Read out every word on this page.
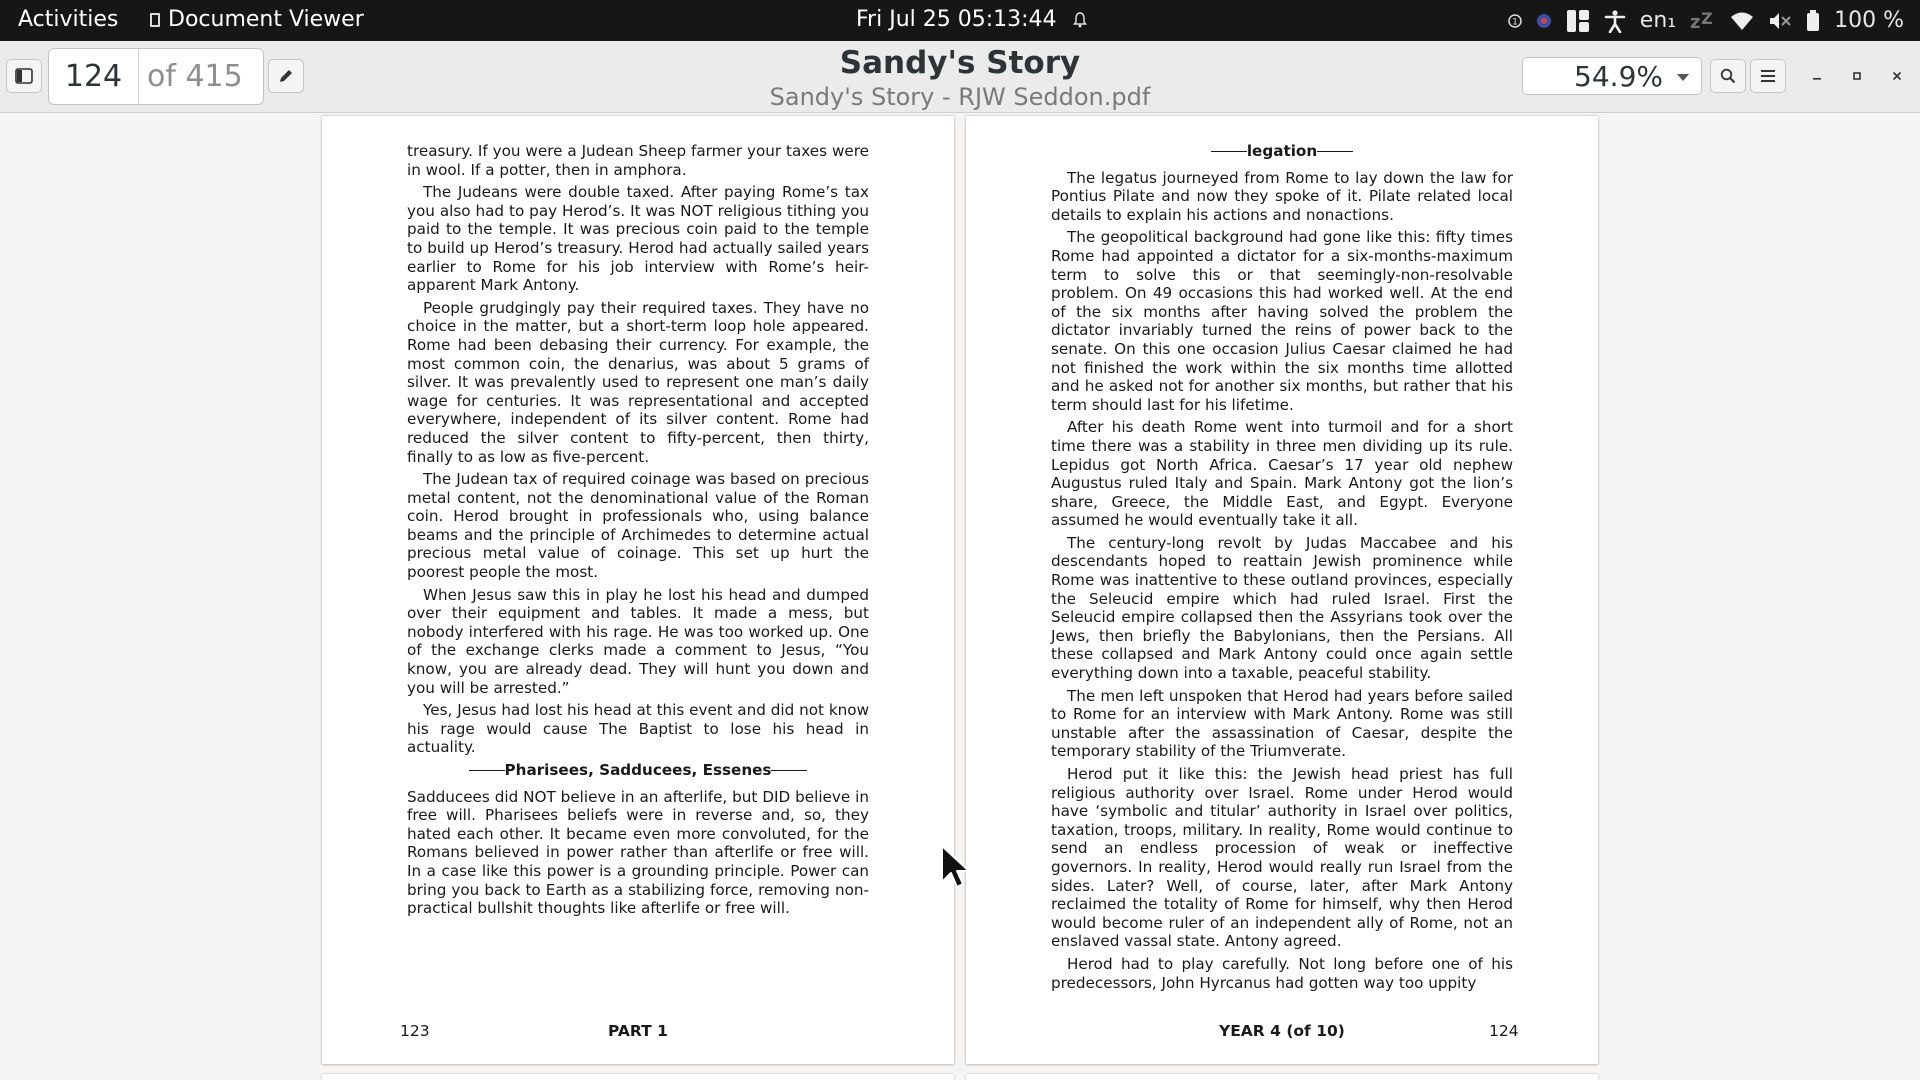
Activities Document Viewer	Fri Jul 25 05:13:44	1	en₁ z Z	100 %
124 of 415	Sandy's Story
Sandy's Story - RJW Seddon.pdf
54.9%

treasury. If you were a Judean Sheep farmer your taxes were in wool. If a potter, then in amphora.

The Judeans were double taxed. After paying Rome’s tax you also had to pay Herod’s. It was NOT religious tithing you paid to the temple. It was precious coin paid to the temple to build up Herod’s treasury. Herod had actually sailed years earlier to Rome for his job interview with Rome’s heir-apparent Mark Antony.

People grudgingly pay their required taxes. They have no choice in the matter, but a short-term loop hole appeared. Rome had been debasing their currency. For example, the most common coin, the denarius, was about 5 grams of silver. It was prevalently used to represent one man’s daily wage for centuries. It was representational and accepted everywhere, independent of its silver content. Rome had reduced the silver content to fifty-percent, then thirty, finally to as low as five-percent.

The Judean tax of required coinage was based on precious metal content, not the denominational value of the Roman coin. Herod brought in professionals who, using balance beams and the principle of Archimedes to determine actual precious metal value of coinage. This set up hurt the poorest people the most.

When Jesus saw this in play he lost his head and dumped over their equipment and tables. It made a mess, but nobody interfered with his rage. He was too worked up. One of the exchange clerks made a comment to Jesus, “You know, you are already dead. They will hunt you down and you will be arrested.”

Yes, Jesus had lost his head at this event and did not know his rage would cause The Baptist to lose his head in actuality.

Pharisees, Sadducees, Essenes

Sadducees did NOT believe in an afterlife, but DID believe in free will. Pharisees beliefs were in reverse and, so, they hated each other. It became even more convoluted, for the Romans believed in power rather than afterlife or free will. In a case like this power is a grounding principle. Power can bring you back to Earth as a stabilizing force, removing non-practical bullshit thoughts like afterlife or free will.

123	PART 1
legation

The legatus journeyed from Rome to lay down the law for Pontius Pilate and now they spoke of it. Pilate related local details to explain his actions and nonactions.

The geopolitical background had gone like this: fifty times Rome had appointed a dictator for a six-months-maximum term to solve this or that seemingly-non-resolvable problem. On 49 occasions this had worked well. At the end of the six months after having solved the problem the dictator invariably turned the reins of power back to the senate. On this one occasion Julius Caesar claimed he had not finished the work within the six months time allotted and he asked not for another six months, but rather that his term should last for his lifetime.

After his death Rome went into turmoil and for a short time there was a stability in three men dividing up its rule. Lepidus got North Africa. Caesar’s 17 year old nephew Augustus ruled Italy and Spain. Mark Antony got the lion’s share, Greece, the Middle East, and Egypt. Everyone assumed he would eventually take it all.

The century-long revolt by Judas Maccabee and his descendants hoped to reattain Jewish prominence while Rome was inattentive to these outland provinces, especially the Seleucid empire which had ruled Israel. First the Seleucid empire collapsed then the Assyrians took over the Jews, then briefly the Babylonians, then the Persians. All these collapsed and Mark Antony could once again settle everything down into a taxable, peaceful stability.

The men left unspoken that Herod had years before sailed to Rome for an interview with Mark Antony. Rome was still unstable after the assassination of Caesar, despite the temporary stability of the Triumverate.

Herod put it like this: the Jewish head priest has full religious authority over Israel. Rome under Herod would have ‘symbolic and titular’ authority in Israel over politics, taxation, troops, military. In reality, Rome would continue to send an endless procession of weak or ineffective governors. In reality, Herod would really run Israel from the sides. Later? Well, of course, later, after Mark Antony reclaimed the totality of Rome for himself, why then Herod would become ruler of an independent ally of Rome, not an enslaved vassal state. Antony agreed.

Herod had to play carefully. Not long before one of his predecessors, John Hyrcanus had gotten way too uppity

YEAR 4 (of 10)	124
